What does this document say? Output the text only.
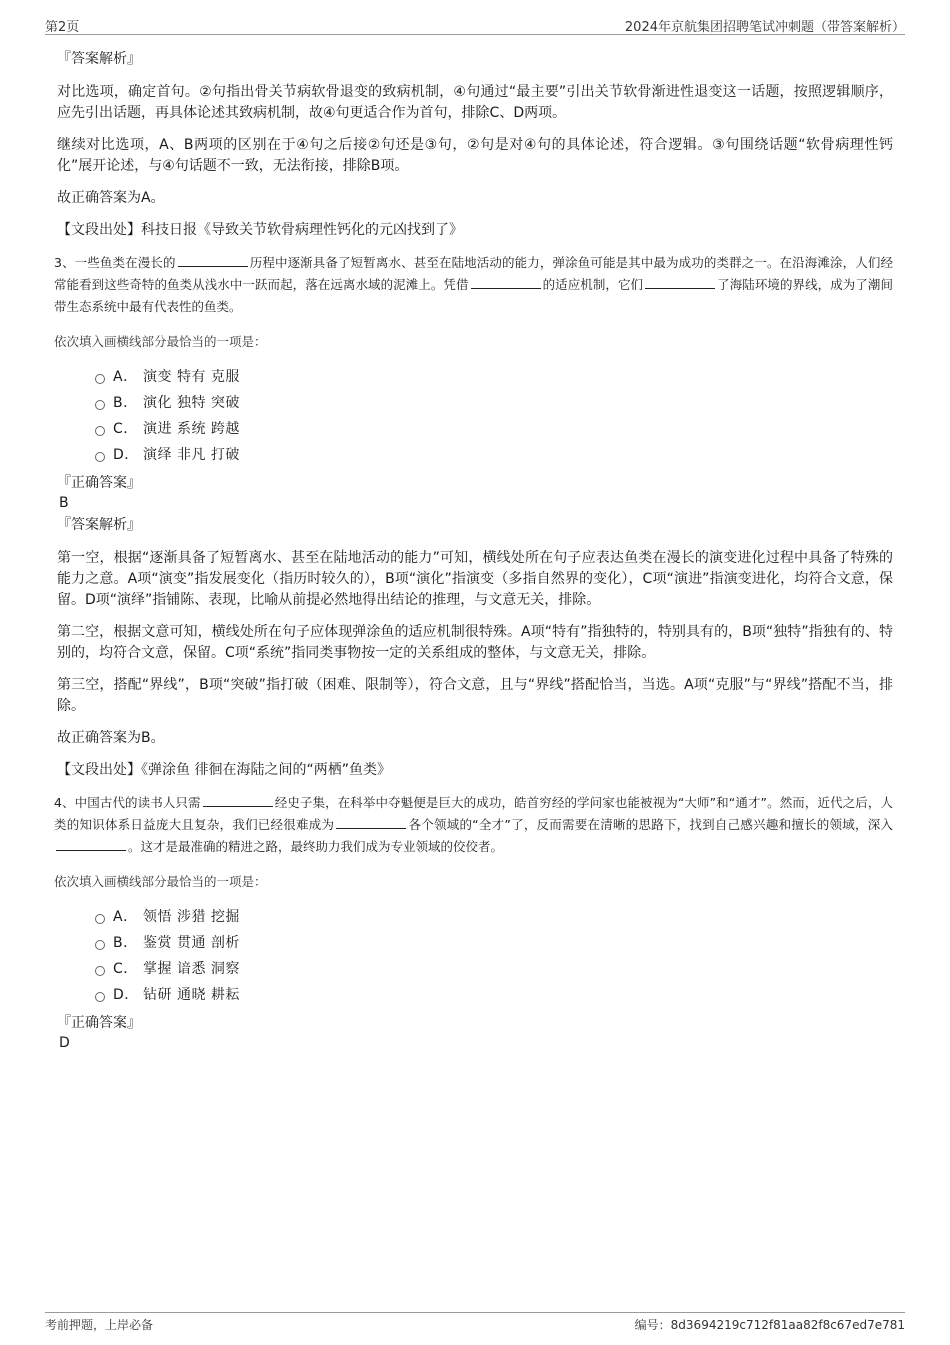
第2页	2024年京航集团招聘笔试冲刺题（带答案解析）
『答案解析』

对比选项，确定首句。②句指出骨关节病软骨退变的致病机制，④句通过“最主要”引出关节软骨渐进性退变这一话题，按照逻辑顺序，应先引出话题，再具体论述其致病机制，故④句更适合作为首句，排除C、D两项。

继续对比选项，A、B两项的区别在于④句之后接②句还是③句，②句是对④句的具体论述，符合逻辑。③句围绕话题“软骨病理性钙化”展开论述，与④句话题不一致，无法衔接，排除B项。

故正确答案为A。

【文段出处】科技日报《导致关节软骨病理性钙化的元凶找到了》
3、一些鱼类在漫长的	历程中逐渐具备了短暂离水、甚至在陆地活动的能力，弹涂鱼可能是其中最为成功的类群之一。在沿海滩涂，人们经常能看到这些奇特的鱼类从浅水中一跃而起，落在远离水域的泥滩上。凭借	的适应机制，它们	了海陆环境的界线，成为了潮间带生态系统中最有代表性的鱼类。
依次填入画横线部分最恰当的一项是：
A． 演变 特有 克服
B． 演化 独特 突破
C． 演进 系统 跨越
D． 演绎 非凡 打破
『正确答案』
B
『答案解析』

第一空，根据“逐渐具备了短暂离水、甚至在陆地活动的能力”可知，横线处所在句子应表达鱼类在漫长的演变进化过程中具备了特殊的能力之意。A项“演变”指发展变化（指历时较久的），B项“演化”指演变（多指自然界的变化），C项“演进”指演变进化，均符合文意，保留。D项“演绎”指铺陈、表现，比喻从前提必然地得出结论的推理，与文意无关，排除。

第二空，根据文意可知，横线处所在句子应体现弹涂鱼的适应机制很特殊。A项“特有”指独特的，特别具有的，B项“独特”指独有的、特别的，均符合文意，保留。C项“系统”指同类事物按一定的关系组成的整体，与文意无关，排除。

第三空，搭配“界线”，B项“突破”指打破（困难、限制等），符合文意，且与“界线”搭配恰当，当选。A项“克服”与“界线”搭配不当，排除。

故正确答案为B。

【文段出处】《弹涂鱼 徘徊在海陆之间的“两栖”鱼类》
4、中国古代的读书人只需	经史子集，在科举中夺魁便是巨大的成功，皓首穷经的学问家也能被视为“大师”和“通才”。然而，近代之后，人类的知识体系日益庞大且复杂，我们已经很难成为	各个领域的“全才”了，反而需要在清晰的思路下，找到自己感兴趣和擅长的领域，深入。这才是最准确的精进之路，最终助力我们成为专业领域的佼佼者。
依次填入画横线部分最恰当的一项是：
A． 领悟 涉猎 挖掘
B． 鉴赏 贯通 剖析
C． 掌握 谙悉 洞察
D． 钻研 通晓 耕耘
『正确答案』
D
考前押题，上岸必备	编号：8d3694219c712f81aa82f8c67ed7e781
